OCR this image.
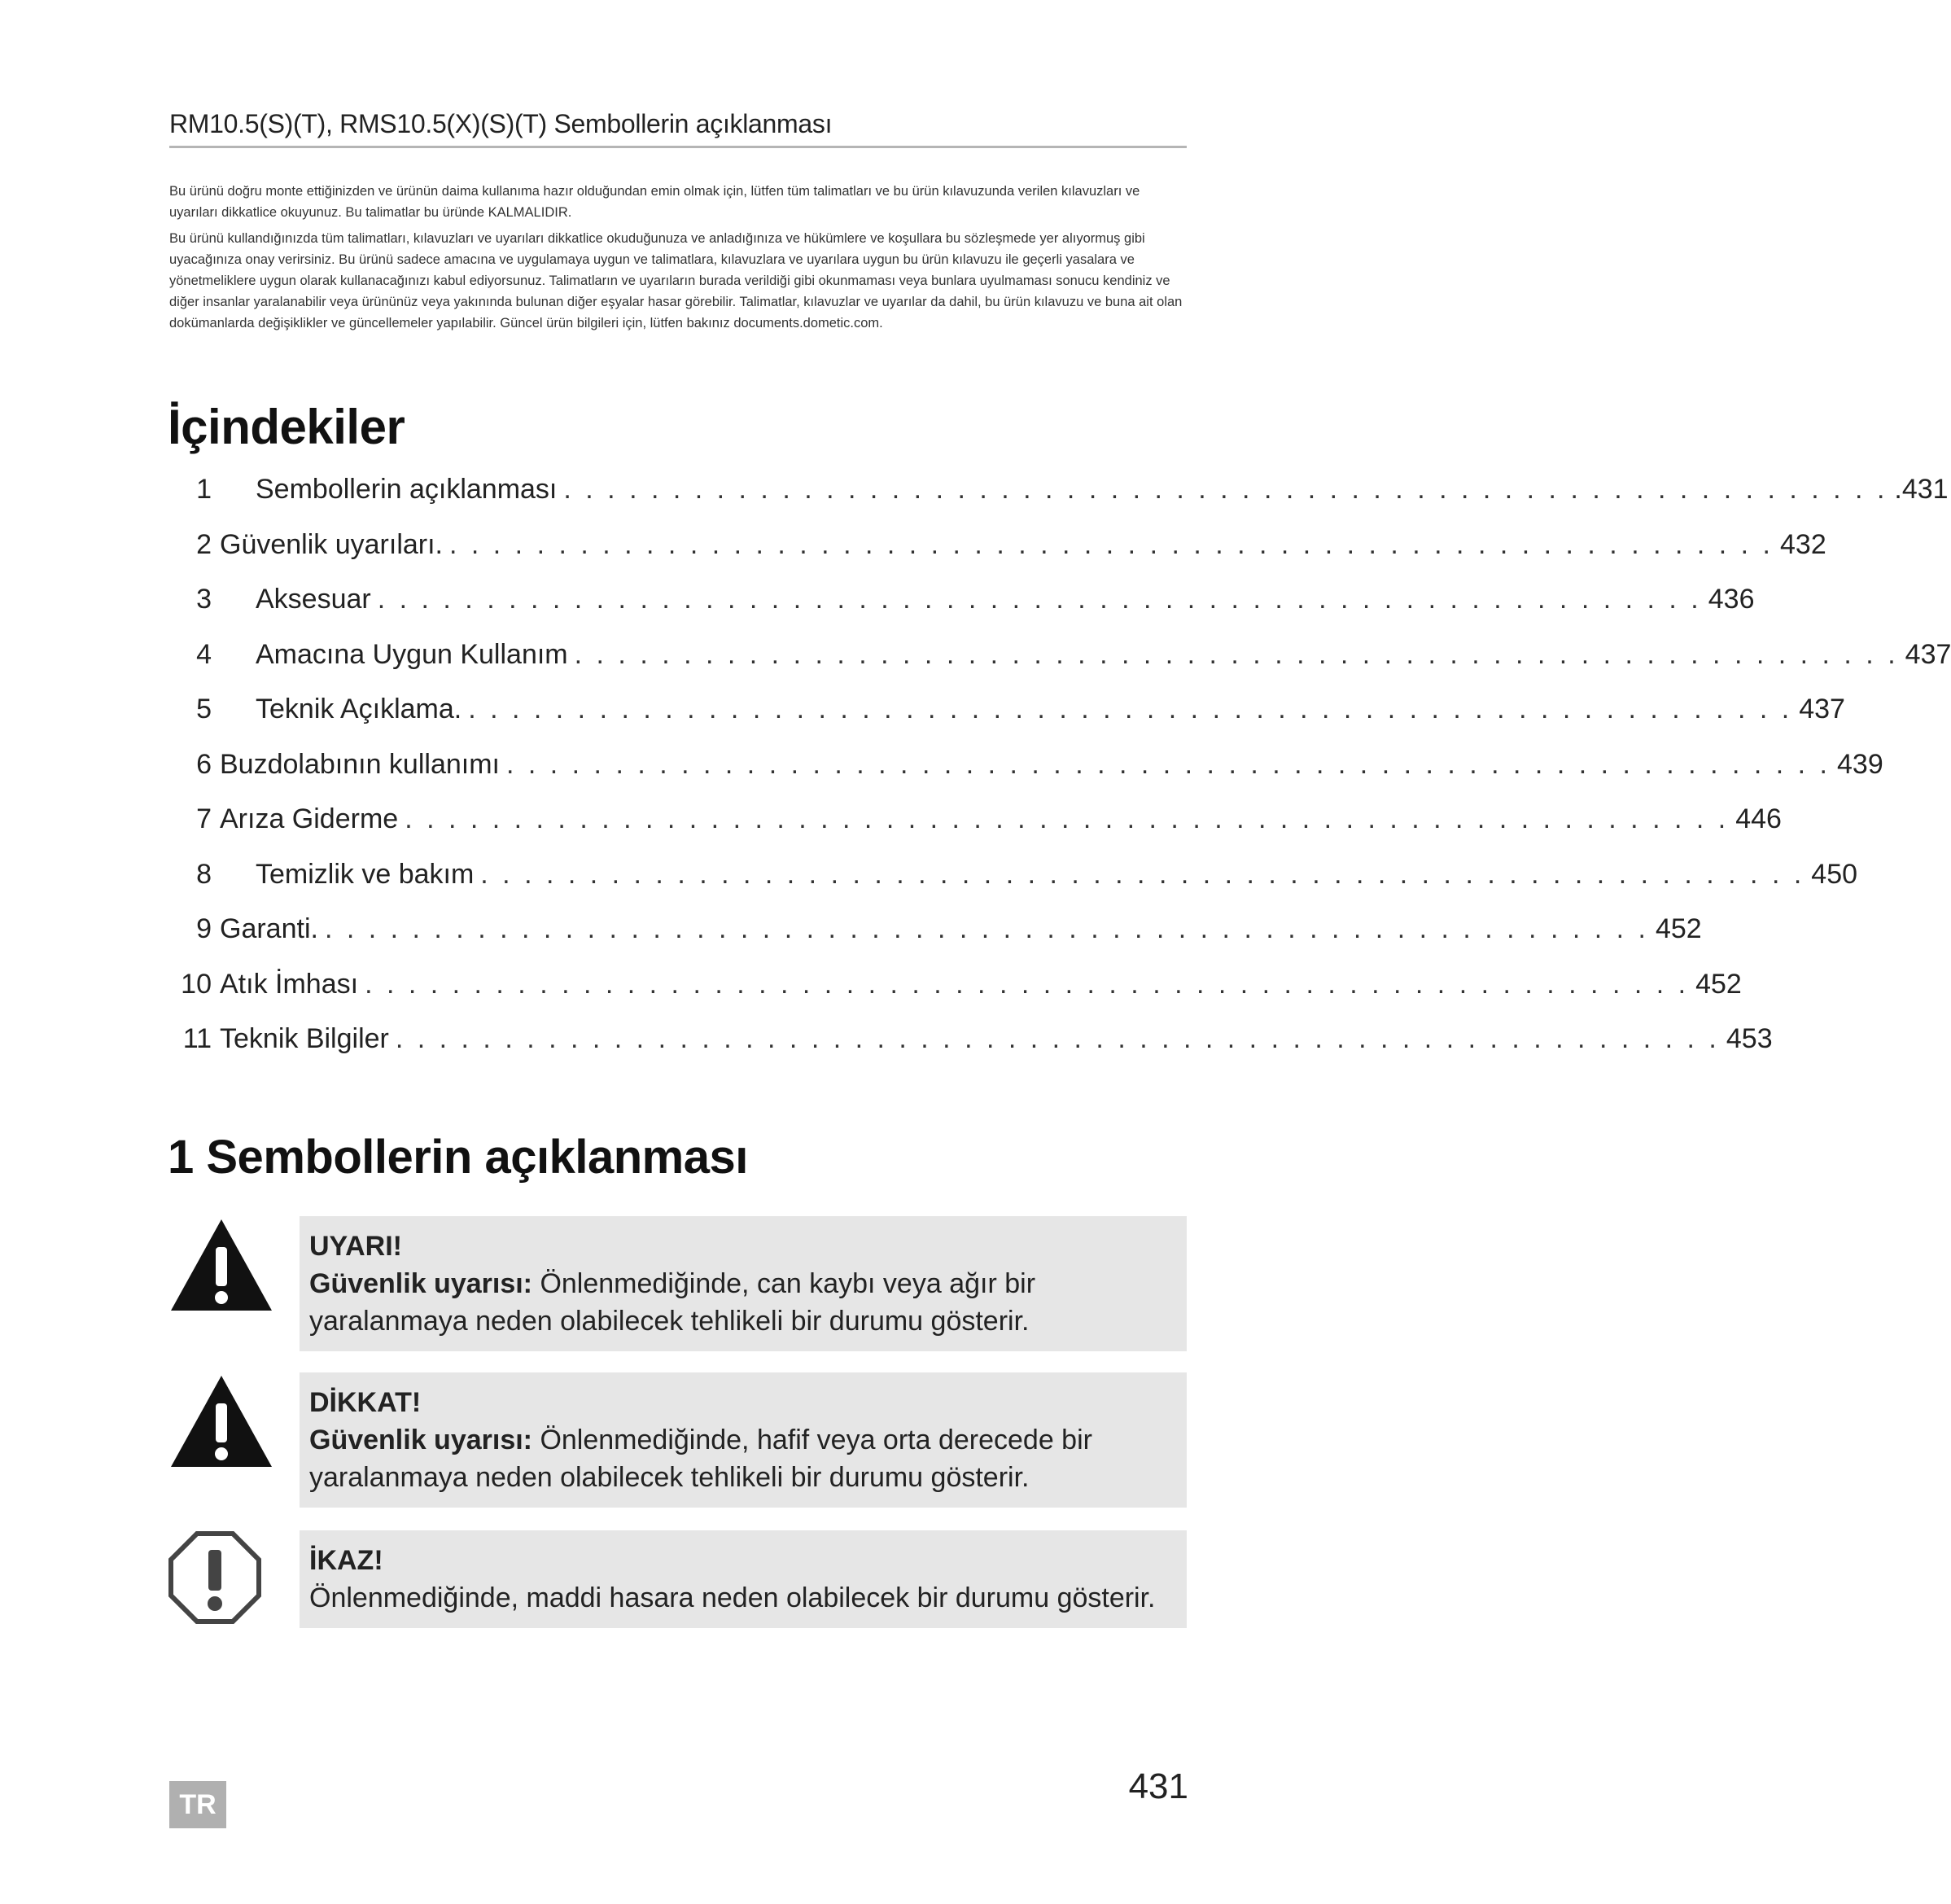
RM10.5(S)(T), RMS10.5(X)(S)(T) Sembollerin açıklanması

Bu ürünü doğru monte ettiğinizden ve ürünün daima kullanıma hazır olduğundan emin olmak için, lütfen tüm talimatları ve bu ürün kılavuzunda verilen kılavuzları ve uyarıları dikkatlice okuyunuz. Bu talimatlar bu üründe KALMALIDIR.

Bu ürünü kullandığınızda tüm talimatları, kılavuzları ve uyarıları dikkatlice okuduğunuza ve anladığınıza ve hükümlere ve koşullara bu sözleşmede yer alıyormuş gibi uyacağınıza onay verirsiniz. Bu ürünü sadece amacına ve uygulamaya uygun ve talimatlara, kılavuzlara ve uyarılara uygun bu ürün kılavuzu ile geçerli yasalara ve yönetmeliklere uygun olarak kullanacağınızı kabul ediyorsunuz. Talimatların ve uyarıların burada verildiği gibi okunmaması veya bunlara uyulmaması sonucu kendiniz ve diğer insanlar yaralanabilir veya ürününüz veya yakınında bulunan diğer eşyalar hasar görebilir. Talimatlar, kılavuzlar ve uyarılar da dahil, bu ürün kılavuzu ve buna ait olan dokümanlarda değişiklikler ve güncellemeler yapılabilir. Güncel ürün bilgileri için, lütfen bakınız documents.dometic.com.

İçindekiler
1 Sembollerin açıklanması . . . . . . . . . . . . . . . . . . . . . . . . . . . . . . . . . . . . . . . . . . . . . . . . . . . . . . . . . . . . . .431
2 Güvenlik uyarıları. . . . . . . . . . . . . . . . . . . . . . . . . . . . . . . . . . . . . . . . . . . . . . . . . . . . . . . . . . . . . . 432
3 Aksesuar . . . . . . . . . . . . . . . . . . . . . . . . . . . . . . . . . . . . . . . . . . . . . . . . . . . . . . . . . . . . . 436
4 Amacına Uygun Kullanım . . . . . . . . . . . . . . . . . . . . . . . . . . . . . . . . . . . . . . . . . . . . . . . . . . . . . . . . . . . . . 437
5 Teknik Açıklama. . . . . . . . . . . . . . . . . . . . . . . . . . . . . . . . . . . . . . . . . . . . . . . . . . . . . . . . . . . . . . 437
6 Buzdolabının kullanımı . . . . . . . . . . . . . . . . . . . . . . . . . . . . . . . . . . . . . . . . . . . . . . . . . . . . . . . . . . . . . 439
7 Arıza Giderme . . . . . . . . . . . . . . . . . . . . . . . . . . . . . . . . . . . . . . . . . . . . . . . . . . . . . . . . . . . . . 446
8 Temizlik ve bakım . . . . . . . . . . . . . . . . . . . . . . . . . . . . . . . . . . . . . . . . . . . . . . . . . . . . . . . . . . . . . 450
9 Garanti. . . . . . . . . . . . . . . . . . . . . . . . . . . . . . . . . . . . . . . . . . . . . . . . . . . . . . . . . . . . . . 452
10 Atık İmhası . . . . . . . . . . . . . . . . . . . . . . . . . . . . . . . . . . . . . . . . . . . . . . . . . . . . . . . . . . . . . 452
11 Teknik Bilgiler . . . . . . . . . . . . . . . . . . . . . . . . . . . . . . . . . . . . . . . . . . . . . . . . . . . . . . . . . . . . . 453
1 Sembollerin açıklanması
UYARI!
Güvenlik uyarısı: Önlenmediğinde, can kaybı veya ağır bir yaralanmaya neden olabilecek tehlikeli bir durumu gösterir.
DİKKAT!
Güvenlik uyarısı: Önlenmediğinde, hafif veya orta derecede bir yaralanmaya neden olabilecek tehlikeli bir durumu gösterir.
İKAZ!
Önlenmediğinde, maddi hasara neden olabilecek bir durumu gösterir.
TR	431
